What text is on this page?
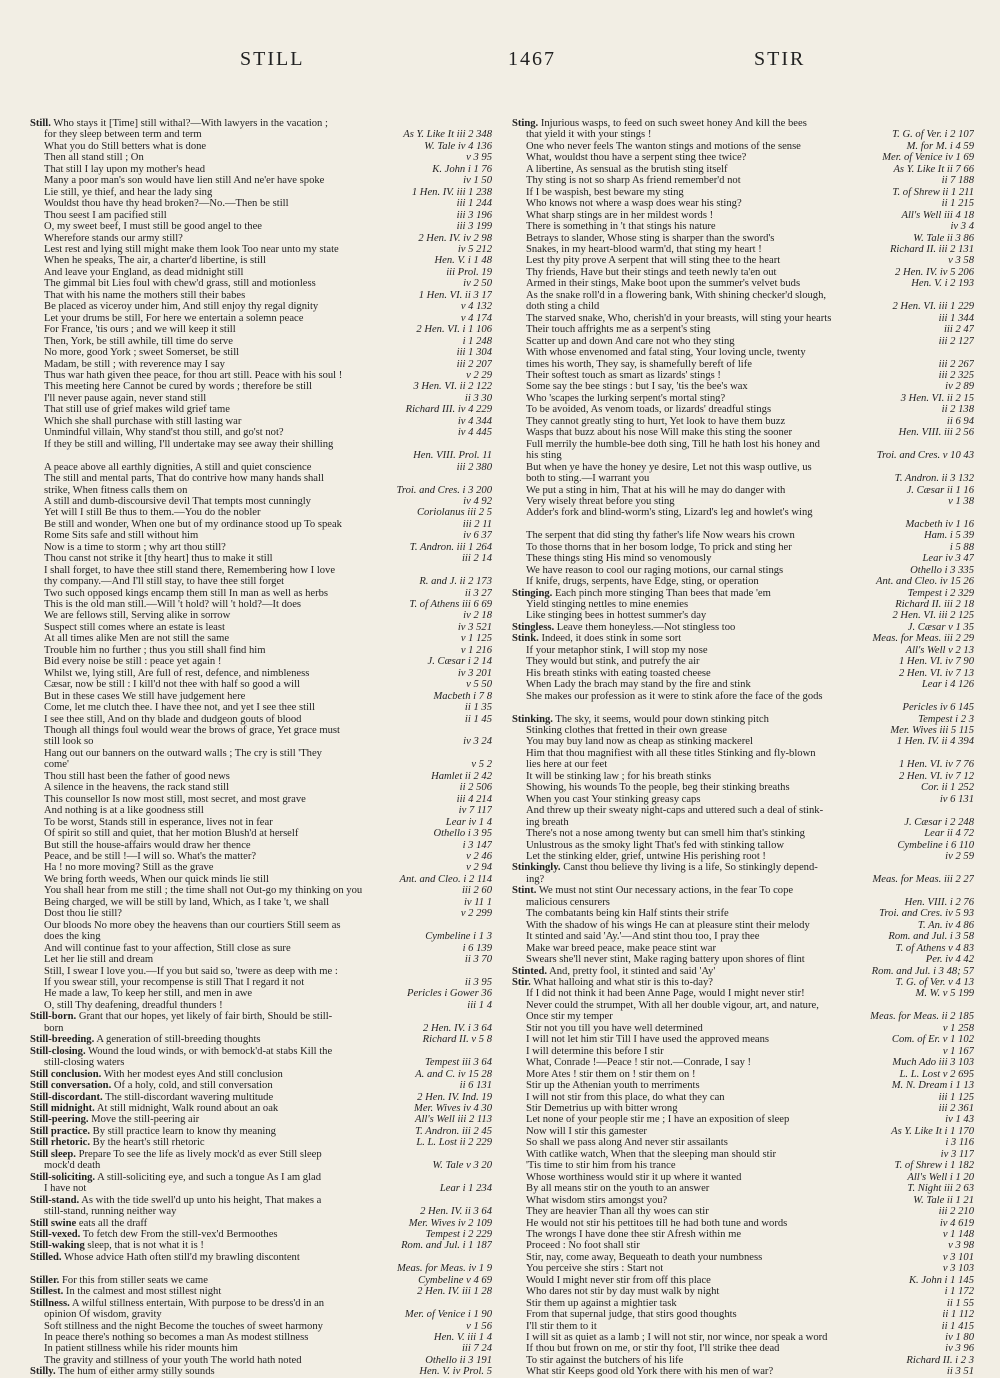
STILL	1467	STIR
Still. Who stays it [Time] still withal?—With lawyers in the vacation ;
As Y. Like It iii 2 348
for they sleep between term and term
W. Tale iv 4 136
What you do Still betters what is done
v 3 95
Then all stand still ; On
K. John i 1 76
That still I lay upon my mother's head
iv 1 50
Many a poor man's son would have lien still And ne'er have spoke
1 Hen. IV. iii 1 238
Lie still, ye thief, and hear the lady sing
iii 1 244
Wouldst thou have thy head broken?—No.—Then be still
iii 3 196
Thou seest I am pacified still
iii 3 199
O, my sweet beef, I must still be good angel to thee
2 Hen. IV. iv 2 98
Wherefore stands our army still?
iv 5 212
Lest rest and lying still might make them look Too near unto my state
Hen. V. i 1 48
When he speaks, The air, a charter'd libertine, is still
iii Prol. 19
And leave your England, as dead midnight still
iv 2 50
The gimmal bit Lies foul with chew'd grass, still and motionless
1 Hen. VI. ii 3 17
That with his name the mothers still their babes
v 4 132
Be placed as viceroy under him, And still enjoy thy regal dignity
v 4 174
Let your drums be still, For here we entertain a solemn peace
2 Hen. VI. i 1 106
For France, 'tis ours ; and we will keep it still
i 1 248
Then, York, be still awhile, till time do serve
iii 1 304
No more, good York ; sweet Somerset, be still
iii 2 207
Madam, be still ; with reverence may I say
v 2 29
Thus war hath given thee peace, for thou art still. Peace with his soul !
3 Hen. VI. ii 2 122
This meeting here Cannot be cured by words ; therefore be still
ii 3 30
I'll never pause again, never stand still
Richard III. iv 4 229
That still use of grief makes wild grief tame
iv 4 344
Which she shall purchase with still lasting war
iv 4 445
Unmindful villain, Why stand'st thou still, and go'st not?
If they be still and willing, I'll undertake may see away their shilling
Hen. VIII. Prol. 11
iii 2 380
A peace above all earthly dignities, A still and quiet conscience
The still and mental parts, That do contrive how many hands shall
Troi. and Cres. i 3 200
strike, When fitness calls them on
iv 4 92
A still and dumb-discoursive devil That tempts most cunningly
Coriolanus iii 2 5
Yet will I still Be thus to them.—You do the nobler
iii 2 11
Be still and wonder, When one but of my ordinance stood up To speak
iv 6 37
Rome Sits safe and still without him
T. Andron. iii 1 264
Now is a time to storm ; why art thou still?
iii 2 14
Thou canst not strike it [thy heart] thus to make it still
I shall forget, to have thee still stand there, Remembering how I love
R. and J. ii 2 173
thy company.—And I'll still stay, to have thee still forget
ii 3 27
Two such opposed kings encamp them still In man as well as herbs
T. of Athens iii 6 69
This is the old man still.—Will 't hold? will 't hold?—It does
iv 2 18
We are fellows still, Serving alike in sorrow
iv 3 521
Suspect still comes where an estate is least
v 1 125
At all times alike Men are not still the same
v 1 216
Trouble him no further ; thus you still shall find him
J. Cæsar i 2 14
Bid every noise be still : peace yet again !
iv 3 201
Whilst we, lying still, Are full of rest, defence, and nimbleness
v 5 50
Cæsar, now be still : I kill'd not thee with half so good a will
Macbeth i 7 8
But in these cases We still have judgement here
ii 1 35
Come, let me clutch thee. I have thee not, and yet I see thee still
ii 1 45
I see thee still, And on thy blade and dudgeon gouts of blood
Though all things foul would wear the brows of grace, Yet grace must
iv 3 24
still look so
Hang out our banners on the outward walls ; The cry is still 'They
v 5 2
come'
Hamlet ii 2 42
Thou still hast been the father of good news
ii 2 506
A silence in the heavens, the rack stand still
iii 4 214
This counsellor Is now most still, most secret, and most grave
iv 7 117
And nothing is at a like goodness still
Lear iv 1 4
To be worst, Stands still in esperance, lives not in fear
Othello i 3 95
Of spirit so still and quiet, that her motion Blush'd at herself
i 3 147
But still the house-affairs would draw her thence
v 2 46
Peace, and be still !—I will so. What's the matter?
v 2 94
Ha ! no more moving? Still as the grave
Ant. and Cleo. i 2 114
We bring forth weeds, When our quick minds lie still
iii 2 60
You shall hear from me still ; the time shall not Out-go my thinking on you
iv 11 1
Being charged, we will be still by land, Which, as I take 't, we shall
v 2 299
Dost thou lie still?
Our bloods No more obey the heavens than our courtiers Still seem as
Cymbeline i 1 3
does the king
i 6 139
And will continue fast to your affection, Still close as sure
ii 3 70
Let her lie still and dream
Still, I swear I love you.—If you but said so, 'twere as deep with me :
ii 3 95
If you swear still, your recompense is still That I regard it not
Pericles i Gower 36
He made a law, To keep her still, and men in awe
iii 1 4
O, still Thy deafening, dreadful thunders !
Still-born. Grant that our hopes, yet likely of fair birth, Should be still-
2 Hen. IV. i 3 64
born
Richard II. v 5 8
Still-breeding. A generation of still-breeding thoughts
Still-closing. Wound the loud winds, or with bemock'd-at stabs Kill the
Tempest iii 3 64
still-closing waters
A. and C. iv 15 28
Still conclusion. With her modest eyes And still conclusion
ii 6 131
Still conversation. Of a holy, cold, and still conversation
2 Hen. IV. Ind. 19
Still-discordant. The still-discordant wavering multitude
Mer. Wives iv 4 30
Still midnight. At still midnight, Walk round about an oak
All's Well iii 2 113
Still-peering. Move the still-peering air
T. Andron. iii 2 45
Still practice. By still practice learn to know thy meaning
L. L. Lost ii 2 229
Still rhetoric. By the heart's still rhetoric
Still sleep. Prepare To see the life as lively mock'd as ever Still sleep
W. Tale v 3 20
mock'd death
Still-soliciting. A still-soliciting eye, and such a tongue As I am glad
Lear i 1 234
I have not
Still-stand. As with the tide swell'd up unto his height, That makes a
2 Hen. IV. ii 3 64
still-stand, running neither way
Mer. Wives iv 2 109
Still swine eats all the draff
Tempest i 2 229
Still-vexed. To fetch dew From the still-vex'd Bermoothes
Rom. and Jul. i 1 187
Still-waking sleep, that is not what it is !
Stilled. Whose advice Hath often still'd my brawling discontent
Meas. for Meas. iv 1 9
Cymbeline v 4 69
Stiller. For this from stiller seats we came
2 Hen. IV. iii 1 28
Stillest. In the calmest and most stillest night
Stillness. A wilful stillness entertain, With purpose to be dress'd in an
Mer. of Venice i 1 90
opinion Of wisdom, gravity
v 1 56
Soft stillness and the night Become the touches of sweet harmony
Hen. V. iii 1 4
In peace there's nothing so becomes a man As modest stillness
iii 7 24
In patient stillness while his rider mounts him
Othello ii 3 191
The gravity and stillness of your youth The world hath noted
Hen. V. iv Prol. 5
Stilly. The hum of either army stilly sounds
Sting. Injurious wasps, to feed on such sweet honey And kill the bees
T. G. of Ver. i 2 107
that yield it with your stings !
M. for M. i 4 59
One who never feels The wanton stings and motions of the sense
Mer. of Venice iv 1 69
What, wouldst thou have a serpent sting thee twice?
As Y. Like It ii 7 66
A libertine, As sensual as the brutish sting itself
ii 7 188
Thy sting is not so sharp As friend remember'd not
T. of Shrew ii 1 211
If I be waspish, best beware my sting
ii 1 215
Who knows not where a wasp does wear his sting?
All's Well iii 4 18
What sharp stings are in her mildest words !
iv 3 4
There is something in 't that stings his nature
W. Tale ii 3 86
Betrays to slander, Whose sting is sharper than the sword's
Richard II. iii 2 131
Snakes, in my heart-blood warm'd, that sting my heart !
v 3 58
Lest thy pity prove A serpent that will sting thee to the heart
2 Hen. IV. iv 5 206
Thy friends, Have but their stings and teeth newly ta'en out
Hen. V. i 2 193
Armed in their stings, Make boot upon the summer's velvet buds
As the snake roll'd in a flowering bank, With shining checker'd slough,
2 Hen. VI. iii 1 229
doth sting a child
iii 1 344
The starved snake, Who, cherish'd in your breasts, will sting your hearts
iii 2 47
Their touch affrights me as a serpent's sting
iii 2 127
Scatter up and down And care not who they sting
With whose envenomed and fatal sting, Your loving uncle, twenty
iii 2 267
times his worth, They say, is shamefully bereft of life
iii 2 325
Their softest touch as smart as lizards' stings !
iv 2 89
Some say the bee stings : but I say, 'tis the bee's wax
3 Hen. VI. ii 2 15
Who 'scapes the lurking serpent's mortal sting?
ii 2 138
To be avoided, As venom toads, or lizards' dreadful stings
ii 6 94
They cannot greatly sting to hurt, Yet look to have them buzz
Hen. VIII. iii 2 56
Wasps that buzz about his nose Will make this sting the sooner
Full merrily the humble-bee doth sing, Till he hath lost his honey and
Troi. and Cres. v 10 43
his sting
But when ye have the honey ye desire, Let not this wasp outlive, us
T. Andron. ii 3 132
both to sting.—I warrant you
J. Cæsar ii 1 16
We put a sting in him, That at his will he may do danger with
v 1 38
Very wisely threat before you sting
Adder's fork and blind-worm's sting, Lizard's leg and howlet's wing
Macbeth iv 1 16
Ham. i 5 39
The serpent that did sting thy father's life Now wears his crown
i 5 88
To those thorns that in her bosom lodge, To prick and sting her
Lear iv 3 47
These things sting His mind so venomously
Othello i 3 335
We have reason to cool our raging motions, our carnal stings
Ant. and Cleo. iv 15 26
If knife, drugs, serpents, have Edge, sting, or operation
Tempest i 2 329
Stinging. Each pinch more stinging Than bees that made 'em
Richard II. iii 2 18
Yield stinging nettles to mine enemies
2 Hen. VI. iii 2 125
Like stinging bees in hottest summer's day
J. Cæsar v 1 35
Stingless. Leave them honeyless.—Not stingless too
Meas. for Meas. iii 2 29
Stink. Indeed, it does stink in some sort
All's Well v 2 13
If your metaphor stink, I will stop my nose
1 Hen. VI. iv 7 90
They would but stink, and putrefy the air
2 Hen. VI. iv 7 13
His breath stinks with eating toasted cheese
Lear i 4 126
When Lady the brach may stand by the fire and stink
She makes our profession as it were to stink afore the face of the gods
Pericles iv 6 145
Tempest i 2 3
Stinking. The sky, it seems, would pour down stinking pitch
Mer. Wives iii 5 115
Stinking clothes that fretted in their own grease
1 Hen. IV. ii 4 394
You may buy land now as cheap as stinking mackerel
Him that thou magnifiest with all these titles Stinking and fly-blown
1 Hen. VI. iv 7 76
lies here at our feet
2 Hen. VI. iv 7 12
It will be stinking law ; for his breath stinks
Cor. ii 1 252
Showing, his wounds To the people, beg their stinking breaths
iv 6 131
When you cast Your stinking greasy caps
And threw up their sweaty night-caps and uttered such a deal of stink-
J. Cæsar i 2 248
ing breath
Lear ii 4 72
There's not a nose among twenty but can smell him that's stinking
Cymbeline i 6 110
Unlustrous as the smoky light That's fed with stinking tallow
iv 2 59
Let the stinking elder, grief, untwine His perishing root !
Stinkingly. Canst thou believe thy living is a life, So stinkingly depend-
Meas. for Meas. iii 2 27
ing?
Stint. We must not stint Our necessary actions, in the fear To cope
Hen. VIII. i 2 76
malicious censurers
Troi. and Cres. iv 5 93
The combatants being kin Half stints their strife
T. An. iv 4 86
With the shadow of his wings He can at pleasure stint their melody
Rom. and Jul. i 3 58
It stinted and said 'Ay.'—And stint thou too, I pray thee
T. of Athens v 4 83
Make war breed peace, make peace stint war
Per. iv 4 42
Swears she'll never stint, Make raging battery upon shores of flint
Rom. and Jul. i 3 48; 57
Stinted. And, pretty fool, it stinted and said 'Ay'
T. G. of Ver. v 4 13
Stir. What halloing and what stir is this to-day?
M. W. v 5 199
If I did not think it had been Anne Page, would I might never stir!
Never could the strumpet, With all her double vigour, art, and nature,
Meas. for Meas. ii 2 185
Once stir my temper
v 1 258
Stir not you till you have well determined
Com. of Er. v 1 102
I will not let him stir Till I have used the approved means
v 1 167
I will determine this before I stir
Much Ado iii 3 103
What, Conrade !—Peace ! stir not.—Conrade, I say !
L. L. Lost v 2 695
More Ates ! stir them on ! stir them on !
M. N. Dream i 1 13
Stir up the Athenian youth to merriments
iii 1 125
I will not stir from this place, do what they can
iii 2 361
Stir Demetrius up with bitter wrong
iv 1 43
Let none of your people stir me ; I have an exposition of sleep
As Y. Like It i 1 170
Now will I stir this gamester
i 3 116
So shall we pass along And never stir assailants
iv 3 117
With catlike watch, When that the sleeping man should stir
T. of Shrew i 1 182
'Tis time to stir him from his trance
All's Well i 1 20
Whose worthiness would stir it up where it wanted
T. Night iii 2 63
By all means stir on the youth to an answer
W. Tale ii 1 21
What wisdom stirs amongst you?
iii 2 210
They are heavier Than all thy woes can stir
iv 4 619
He would not stir his pettitoes till he had both tune and words
v 1 148
The wrongs I have done thee stir Afresh within me
v 3 98
Proceed : No foot shall stir
v 3 101
Stir, nay, come away, Bequeath to death your numbness
v 3 103
You perceive she stirs : Start not
K. John i 1 145
Would I might never stir from off this place
i 1 172
Who dares not stir by day must walk by night
ii 1 55
Stir them up against a mightier task
ii 1 112
From that supernal judge, that stirs good thoughts
ii 1 415
I'll stir them to it
iv 1 80
I will sit as quiet as a lamb ; I will not stir, nor wince, nor speak a word
iv 3 96
If thou but frown on me, or stir thy foot, I'll strike thee dead
Richard II. i 2 3
To stir against the butchers of his life
ii 3 51
What stir Keeps good old York there with his men of war?
